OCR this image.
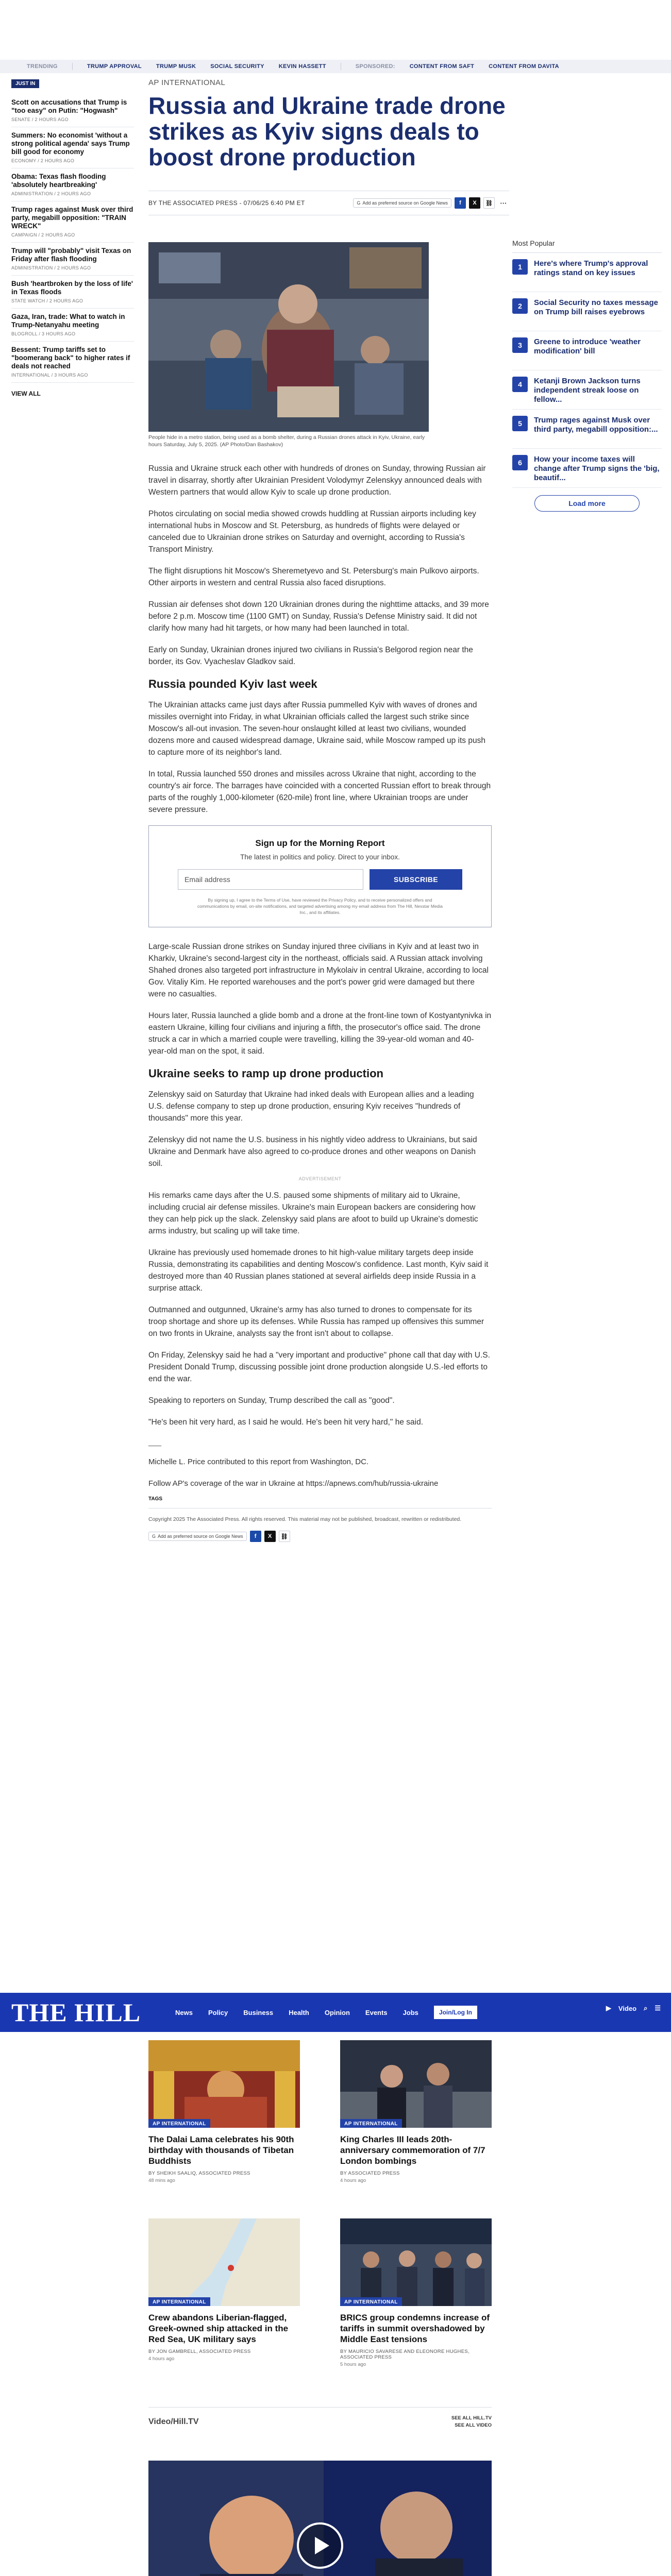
TRENDING	TRUMP APPROVAL	TRUMP MUSK	SOCIAL SECURITY	KEVIN HASSETT	SPONSORED:	CONTENT FROM SAFT	CONTENT FROM DAVITA
AP INTERNATIONAL
JUST IN
Scott on accusations that Trump is "too easy" on Putin: "Hogwash"
SENATE / 2 HOURS AGO
Summers: No economist 'without a strong political agenda' says Trump bill good for economy
ECONOMY / 2 HOURS AGO
Obama: Texas flash flooding 'absolutely heartbreaking'
ADMINISTRATION / 2 HOURS AGO
Trump rages against Musk over third party, megabill opposition: "TRAIN WRECK"
CAMPAIGN / 2 HOURS AGO
Trump will "probably" visit Texas on Friday after flash flooding
ADMINISTRATION / 2 HOURS AGO
Bush 'heartbroken by the loss of life' in Texas floods
STATE WATCH / 2 HOURS AGO
Gaza, Iran, trade: What to watch in Trump-Netanyahu meeting
BLOGROLL / 3 HOURS AGO
Bessent: Trump tariffs set to "boomerang back" to higher rates if deals not reached
INTERNATIONAL / 3 HOURS AGO
VIEW ALL
Russia and Ukraine trade drone strikes as Kyiv signs deals to boost drone production
BY THE ASSOCIATED PRESS - 07/06/25 6:40 PM ET	G Add as preferred source on Google News	f	X	⛓	···
People hide in a metro station, being used as a bomb shelter, during a Russian drones attack in Kyiv, Ukraine, early hours Saturday, July 5, 2025. (AP Photo/Dan Bashakov)

Russia and Ukraine struck each other with hundreds of drones on Sunday, throwing Russian air travel in disarray, shortly after Ukrainian President Volodymyr Zelenskyy announced deals with Western partners that would allow Kyiv to scale up drone production.

Photos circulating on social media showed crowds huddling at Russian airports including key international hubs in Moscow and St. Petersburg, as hundreds of flights were delayed or canceled due to Ukrainian drone strikes on Saturday and overnight, according to Russia's Transport Ministry.

The flight disruptions hit Moscow's Sheremetyevo and St. Petersburg's main Pulkovo airports. Other airports in western and central Russia also faced disruptions.

Russian air defenses shot down 120 Ukrainian drones during the nighttime attacks, and 39 more before 2 p.m. Moscow time (1100 GMT) on Sunday, Russia's Defense Ministry said. It did not clarify how many had hit targets, or how many had been launched in total.

Early on Sunday, Ukrainian drones injured two civilians in Russia's Belgorod region near the border, its Gov. Vyacheslav Gladkov said.

Russia pounded Kyiv last week

The Ukrainian attacks came just days after Russia pummelled Kyiv with waves of drones and missiles overnight into Friday, in what Ukrainian officials called the largest such strike since Moscow's all-out invasion. The seven-hour onslaught killed at least two civilians, wounded dozens more and caused widespread damage, Ukraine said, while Moscow ramped up its push to capture more of its neighbor's land.

In total, Russia launched 550 drones and missiles across Ukraine that night, according to the country's air force. The barrages have coincided with a concerted Russian effort to break through parts of the roughly 1,000-kilometer (620-mile) front line, where Ukrainian troops are under severe pressure.

Sign up for the Morning Report
The latest in politics and policy. Direct to your inbox.
Email address	SUBSCRIBE
By signing up, I agree to the Terms of Use, have reviewed the Privacy Policy, and to receive personalized offers and communications by email, on-site notifications, and targeted advertising among my email address from The Hill, Nexstar Media Inc., and its affiliates.

Large-scale Russian drone strikes on Sunday injured three civilians in Kyiv and at least two in Kharkiv, Ukraine's second-largest city in the northeast, officials said. A Russian attack involving Shahed drones also targeted port infrastructure in Mykolaiv in central Ukraine, according to local Gov. Vitaliy Kim. He reported warehouses and the port's power grid were damaged but there were no casualties.

Hours later, Russia launched a glide bomb and a drone at the front-line town of Kostyantynivka in eastern Ukraine, killing four civilians and injuring a fifth, the prosecutor's office said. The drone struck a car in which a married couple were travelling, killing the 39-year-old woman and 40-year-old man on the spot, it said.

Ukraine seeks to ramp up drone production

Zelenskyy said on Saturday that Ukraine had inked deals with European allies and a leading U.S. defense company to step up drone production, ensuring Kyiv receives "hundreds of thousands" more this year.

Zelenskyy did not name the U.S. business in his nightly video address to Ukrainians, but said Ukraine and Denmark have also agreed to co-produce drones and other weapons on Danish soil.

ADVERTISEMENT

His remarks came days after the U.S. paused some shipments of military aid to Ukraine, including crucial air defense missiles. Ukraine's main European backers are considering how they can help pick up the slack. Zelenskyy said plans are afoot to build up Ukraine's domestic arms industry, but scaling up will take time.

Ukraine has previously used homemade drones to hit high-value military targets deep inside Russia, demonstrating its capabilities and denting Moscow's confidence. Last month, Kyiv said it destroyed more than 40 Russian planes stationed at several airfields deep inside Russia in a surprise attack.

Outmanned and outgunned, Ukraine's army has also turned to drones to compensate for its troop shortage and shore up its defenses. While Russia has ramped up offensives this summer on two fronts in Ukraine, analysts say the front isn't about to collapse.

On Friday, Zelenskyy said he had a "very important and productive" phone call that day with U.S. President Donald Trump, discussing possible joint drone production alongside U.S.-led efforts to end the war.

Speaking to reporters on Sunday, Trump described the call as "good".

"He's been hit very hard, as I said he would. He's been hit very hard," he said.

___

Michelle L. Price contributed to this report from Washington, DC.

Follow AP's coverage of the war in Ukraine at https://apnews.com/hub/russia-ukraine

TAGS
Copyright 2025 The Associated Press. All rights reserved. This material may not be published, broadcast, rewritten or redistributed.
G Add as preferred source on Google News	f	X	⛓
Most Popular
1	Here's where Trump's approval ratings stand on key issues
2	Social Security no taxes message on Trump bill raises eyebrows
3	Greene to introduce 'weather modification' bill
4	Ketanji Brown Jackson turns independent streak loose on fellow...
5	Trump rages against Musk over third party, megabill opposition:...
6	How your income taxes will change after Trump signs the 'big, beautif...
Load more
THE HILL	News Policy Business Health Opinion Events Jobs	Join/Log In
▶ Video ⌕ ☰
AP INTERNATIONAL
The Dalai Lama celebrates his 90th birthday with thousands of Tibetan Buddhists
BY SHEIKH SAALIQ, ASSOCIATED PRESS
48 mins ago
AP INTERNATIONAL
King Charles III leads 20th-anniversary commemoration of 7/7 London bombings
BY ASSOCIATED PRESS
4 hours ago
AP INTERNATIONAL
Crew abandons Liberian-flagged, Greek-owned ship attacked in the Red Sea, UK military says
BY JON GAMBRELL, ASSOCIATED PRESS
4 hours ago
AP INTERNATIONAL
BRICS group condemns increase of tariffs in summit overshadowed by Middle East tensions
BY MAURICIO SAVARESE AND ELEONORE HUGHES, ASSOCIATED PRESS
5 hours ago
Video/Hill.TV	SEE ALL HILL.TV
SEE ALL VIDEO
